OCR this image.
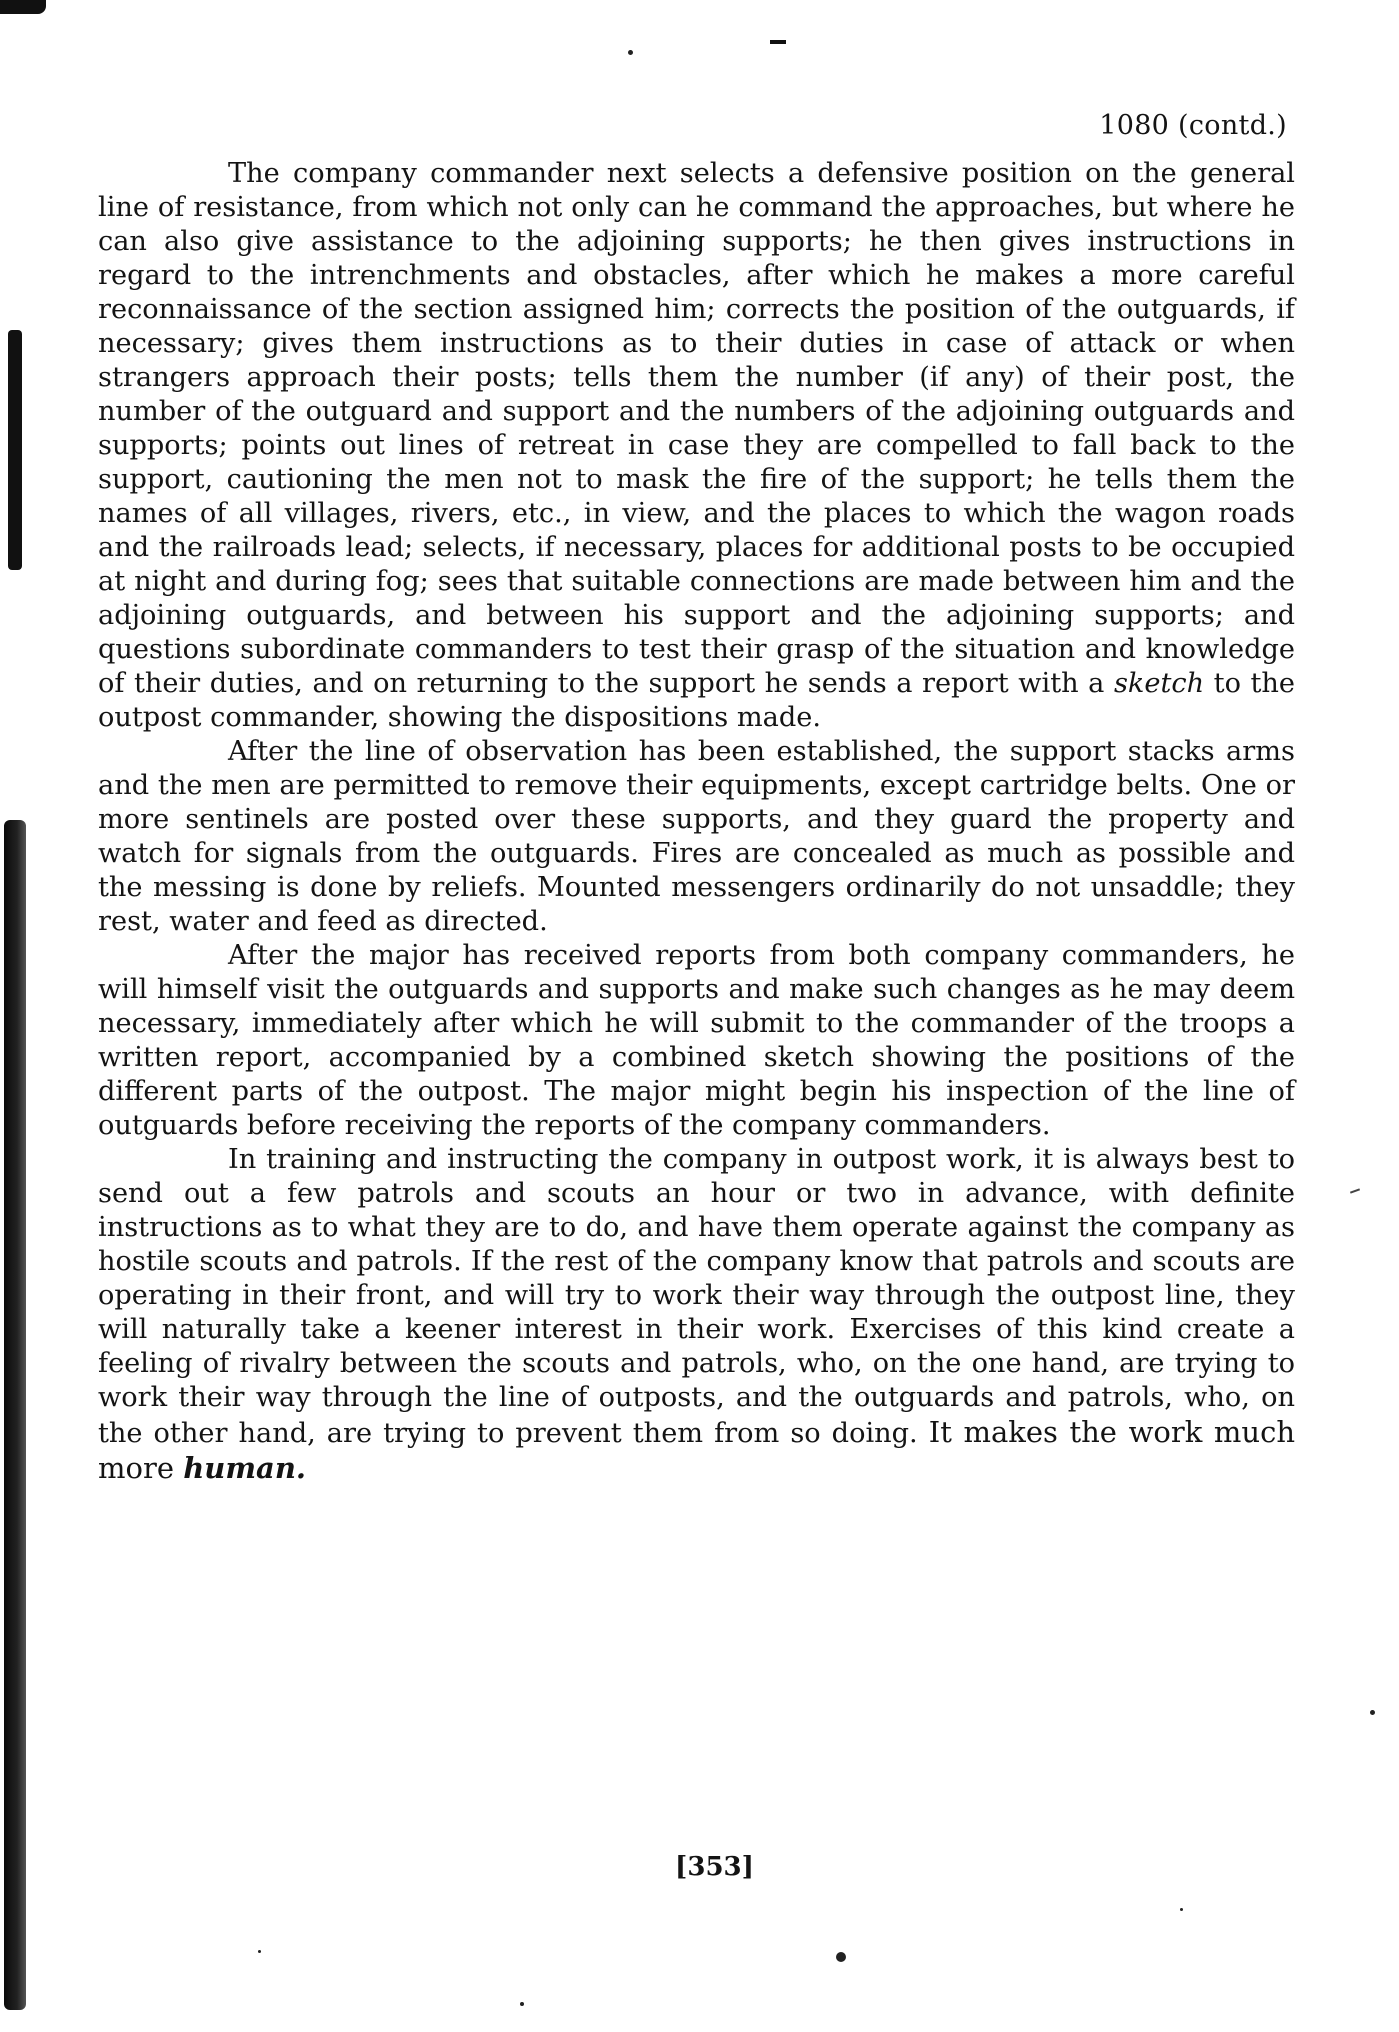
1080 (contd.)

The company commander next selects a defensive position on the general line of resistance, from which not only can he command the approaches, but where he can also give assistance to the adjoining supports; he then gives instructions in regard to the intrenchments and obstacles, after which he makes a more careful reconnaissance of the section assigned him; corrects the position of the outguards, if necessary; gives them instructions as to their duties in case of attack or when strangers approach their posts; tells them the number (if any) of their post, the number of the outguard and support and the numbers of the adjoining outguards and supports; points out lines of retreat in case they are compelled to fall back to the support, cautioning the men not to mask the fire of the support; he tells them the names of all villages, rivers, etc., in view, and the places to which the wagon roads and the railroads lead; selects, if necessary, places for additional posts to be occupied at night and during fog; sees that suitable connections are made between him and the adjoining outguards, and between his support and the adjoining supports; and questions subordinate commanders to test their grasp of the situation and knowledge of their duties, and on returning to the support he sends a report with a sketch to the outpost commander, showing the dispositions made.

After the line of observation has been established, the support stacks arms and the men are permitted to remove their equipments, except cartridge belts. One or more sentinels are posted over these supports, and they guard the property and watch for signals from the outguards. Fires are concealed as much as possible and the messing is done by reliefs. Mounted messengers ordinarily do not unsaddle; they rest, water and feed as directed.

After the major has received reports from both company commanders, he will himself visit the outguards and supports and make such changes as he may deem necessary, immediately after which he will submit to the commander of the troops a written report, accompanied by a combined sketch showing the positions of the different parts of the outpost. The major might begin his inspection of the line of outguards before receiving the reports of the company commanders.

In training and instructing the company in outpost work, it is always best to send out a few patrols and scouts an hour or two in advance, with definite instructions as to what they are to do, and have them operate against the company as hostile scouts and patrols. If the rest of the company know that patrols and scouts are operating in their front, and will try to work their way through the outpost line, they will naturally take a keener interest in their work. Exercises of this kind create a feeling of rivalry between the scouts and patrols, who, on the one hand, are trying to work their way through the line of outposts, and the outguards and patrols, who, on the other hand, are trying to prevent them from so doing. It makes the work much more human.

[353]
